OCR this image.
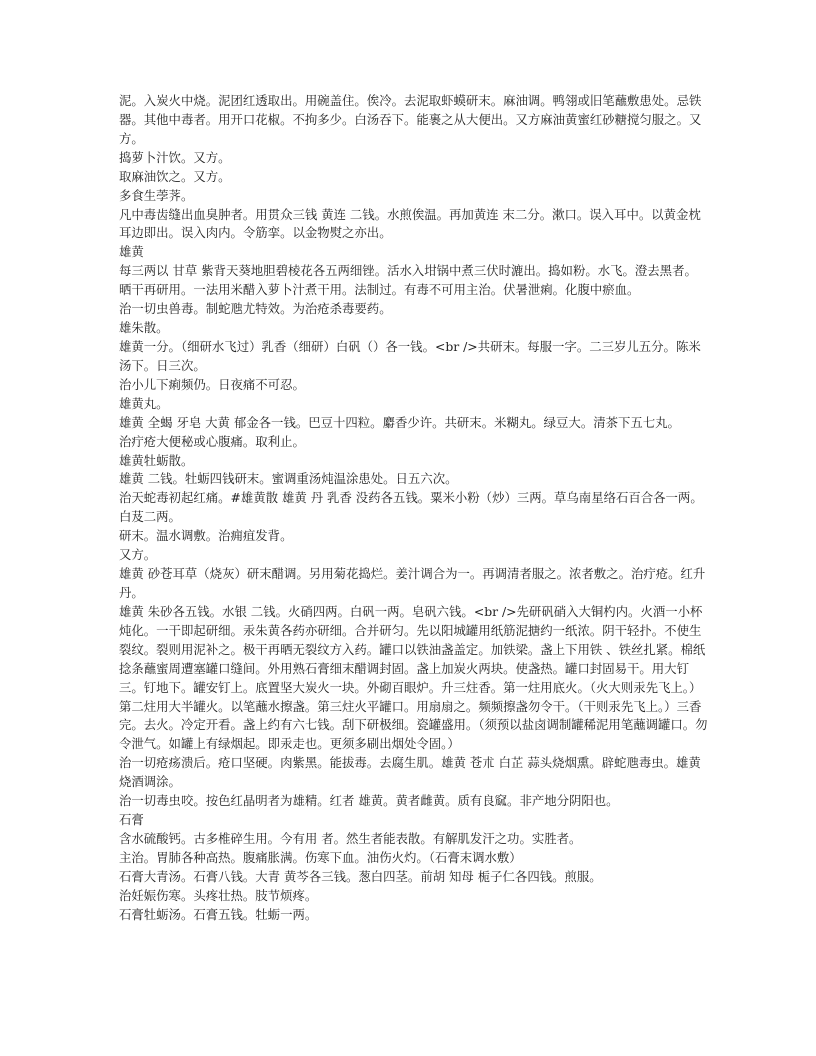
泥。入炭火中烧。泥团红透取出。用碗盖住。俟冷。去泥取虾蟆研末。麻油调。鸭翎或旧笔蘸敷患处。忌铁器。其他中毒者。用开口花椒。不拘多少。白汤吞下。能裹之从大便出。又方麻油黄蜜红砂糖搅匀服之。又方。

捣萝卜汁饮。又方。

取麻油饮之。又方。

多食生荸荠。

凡中毒齿缝出血臭肿者。用贯众三钱 黄连 二钱。水煎俟温。再加黄连 末二分。漱口。误入耳中。以黄金枕耳边即出。误入肉内。令筋挛。以金物熨之亦出。

雄黄

每三两以 甘草 紫背天葵地胆碧棱花各五两细锉。活水入坩锅中煮三伏时漉出。捣如粉。水飞。澄去黑者。晒干再研用。一法用米醋入萝卜汁煮干用。法制过。有毒不可用主治。伏暑泄痢。化腹中瘀血。

治一切虫兽毒。制蛇虺尤特效。为治疮杀毒要药。

雄朱散。

雄黄一分。（细研水飞过）乳香（细研）白矾（）各一钱。<br />共研末。每服一字。二三岁儿五分。陈米汤下。日三次。

治小儿下痢频仍。日夜痛不可忍。

雄黄丸。

雄黄 全蝎 牙皂 大黄 郁金各一钱。巴豆十四粒。麝香少许。共研末。米糊丸。绿豆大。清茶下五七丸。

治疔疮大便秘或心腹痛。取利止。

雄黄牡蛎散。

雄黄 二钱。牡蛎四钱研末。蜜调重汤炖温涂患处。日五六次。

治天蛇毒初起红痛。#雄黄散 雄黄 丹 乳香 没药各五钱。粟米小粉（炒）三两。草乌南星络石百合各一两。白芨二两。

研末。温水调敷。治痈疽发背。

又方。

雄黄 砂苍耳草（烧灰）研末醋调。另用菊花捣烂。姜汁调合为一。再调清者服之。浓者敷之。治疔疮。红升丹。

雄黄 朱砂各五钱。水银 二钱。火硝四两。白矾一两。皂矾六钱。<br />先研矾硝入大铜杓内。火酒一小杯炖化。一干即起研细。汞朱黄各药亦研细。合并研匀。先以阳城罐用纸筋泥搪约一纸浓。阴干轻扑。不使生裂纹。裂则用泥补之。极干再晒无裂纹方入药。罐口以铁油盏盖定。加铁梁。盏上下用铁 、铁丝扎紧。棉纸捻条蘸蜜周遭塞罐口缝间。外用熟石膏细末醋调封固。盏上加炭火两块。使盏热。罐口封固易干。用大钉三。钉地下。罐安钉上。底置坚大炭火一块。外砌百眼炉。升三炷香。第一炷用底火。（火大则汞先飞上。）第二炷用大半罐火。以笔蘸水擦盏。第三炷火平罐口。用扇扇之。频频擦盏勿令干。（干则汞先飞上。）三香完。去火。冷定开看。盏上约有六七钱。刮下研极细。瓷罐盛用。（须预以盐卤调制罐稀泥用笔蘸调罐口。勿令泄气。如罐上有绿烟起。即汞走也。更须多刷出烟处令固。）

治一切疮疡溃后。疮口坚硬。肉紫黑。能拔毒。去腐生肌。雄黄 苍朮 白芷 蒜头烧烟熏。辟蛇虺毒虫。雄黄 烧酒调涂。

治一切毒虫咬。按色红晶明者为雄精。红者 雄黄。黄者雌黄。质有良窳。非产地分阴阳也。

石膏

含水硫酸钙。古多椎碎生用。今有用 者。然生者能表散。有解肌发汗之功。实胜者。

主治。胃肺各种高热。腹痛胀满。伤寒下血。油伤火灼。（石膏末调水敷）

石膏大青汤。石膏八钱。大青 黄芩各三钱。葱白四茎。前胡 知母 栀子仁各四钱。煎服。

治妊娠伤寒。头疼壮热。肢节烦疼。

石膏牡蛎汤。石膏五钱。牡蛎一两。
